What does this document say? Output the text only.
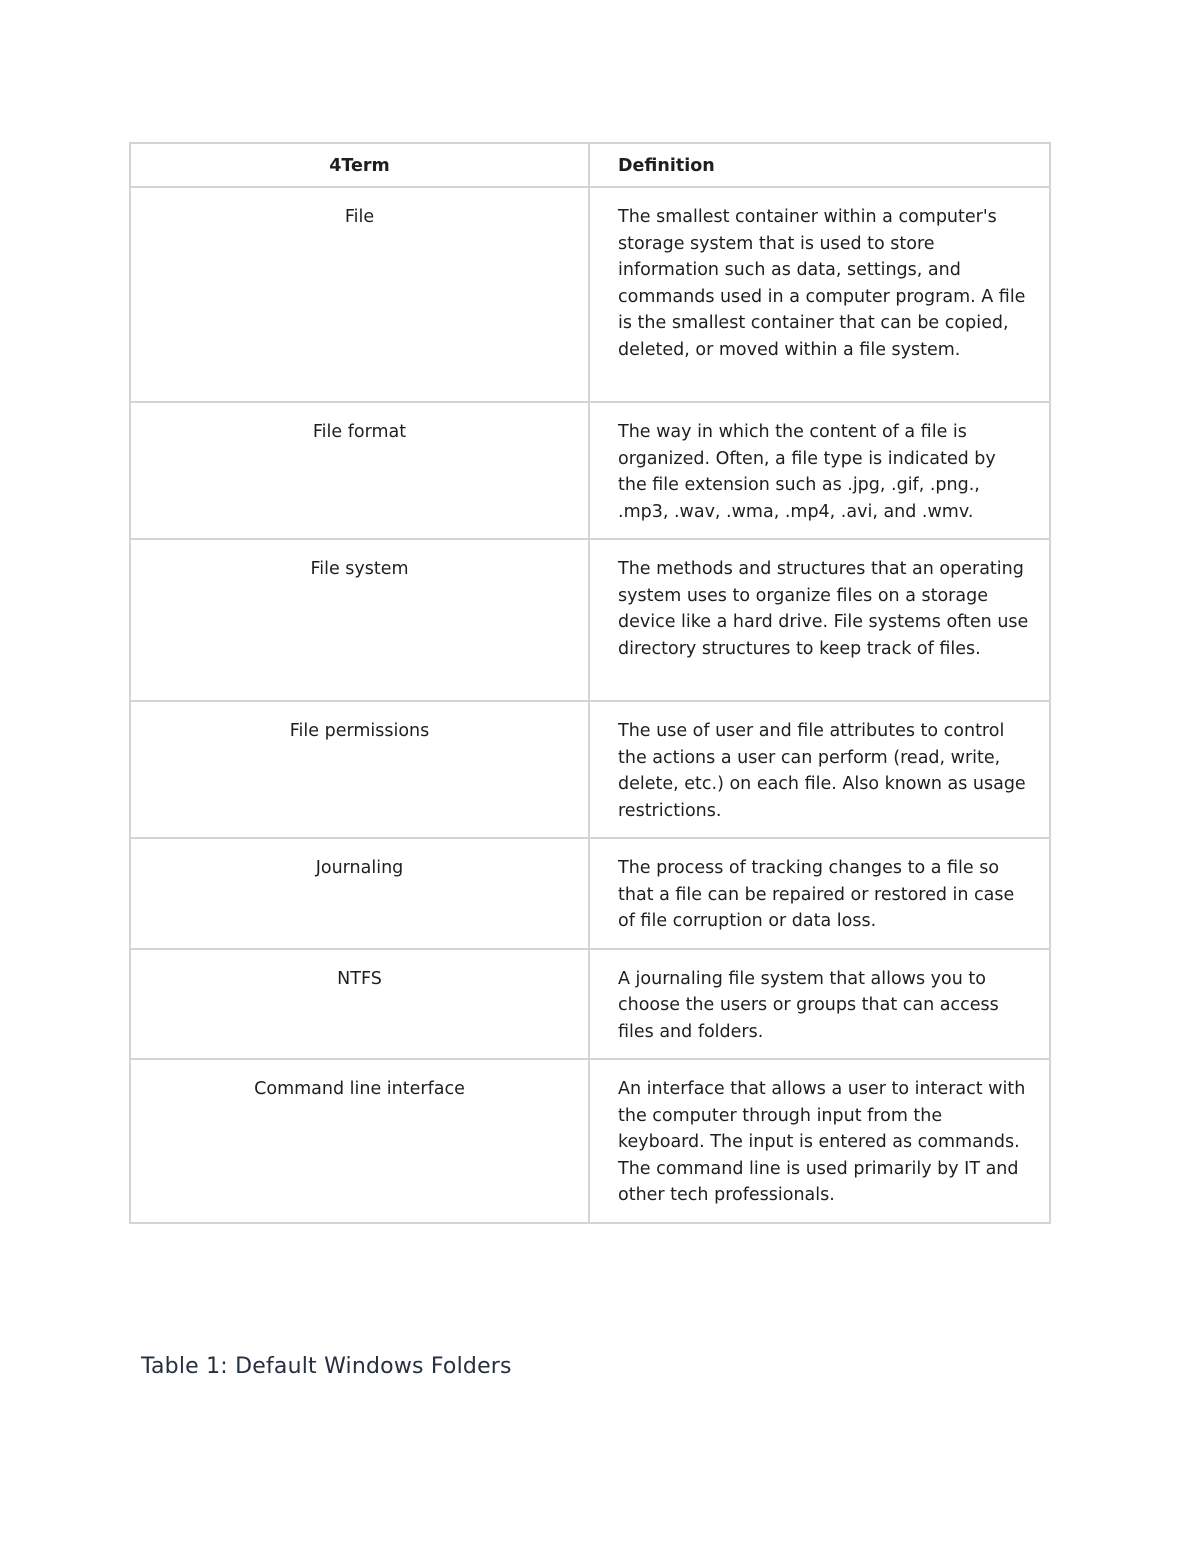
4Term	Definition
File	The smallest container within a computer's storage system that is used to store information such as data, settings, and commands used in a computer program. A file is the smallest container that can be copied, deleted, or moved within a file system.
File format	The way in which the content of a file is organized. Often, a file type is indicated by the file extension such as .jpg, .gif, .png., .mp3, .wav, .wma, .mp4, .avi, and .wmv.
File system	The methods and structures that an operating system uses to organize files on a storage device like a hard drive. File systems often use directory structures to keep track of files.
File permissions	The use of user and file attributes to control the actions a user can perform (read, write, delete, etc.) on each file. Also known as usage restrictions.
Journaling	The process of tracking changes to a file so that a file can be repaired or restored in case of file corruption or data loss.
NTFS	A journaling file system that allows you to choose the users or groups that can access files and folders.
Command line interface	An interface that allows a user to interact with the computer through input from the keyboard. The input is entered as commands. The command line is used primarily by IT and other tech professionals.
Table 1: Default Windows Folders
